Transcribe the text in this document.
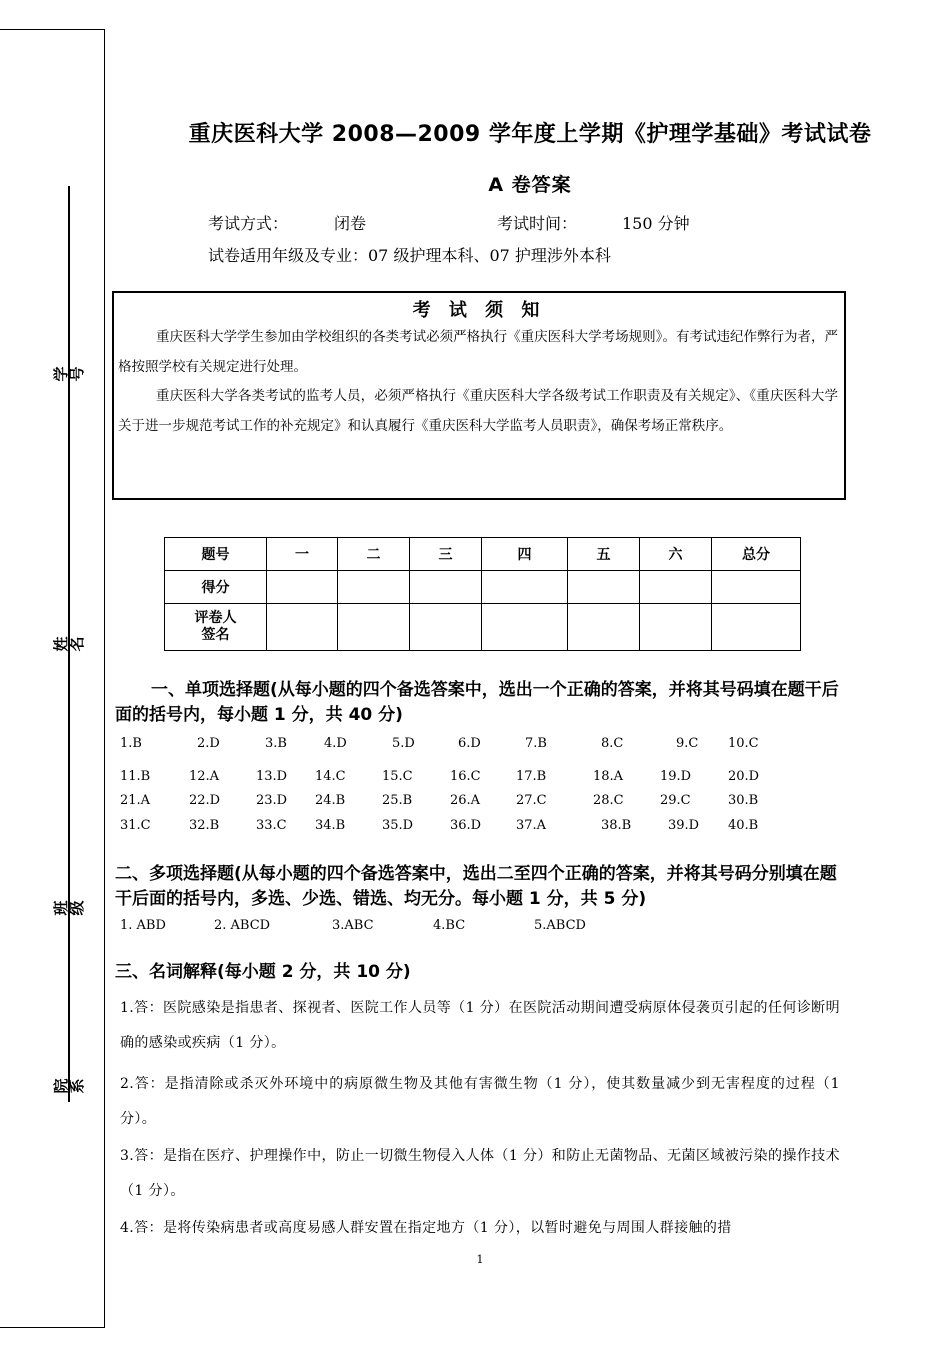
学号
姓名
班级
院系
重庆医科大学 2008—2009 学年度上学期《护理学基础》考试试卷
A 卷答案
考试方式：	闭卷	考试时间：	150 分钟
试卷适用年级及专业：07 级护理本科、07 护理涉外本科
考 试 须 知

重庆医科大学学生参加由学校组织的各类考试必须严格执行《重庆医科大学考场规则》。有考试违纪作弊行为者，严格按照学校有关规定进行处理。

重庆医科大学各类考试的监考人员，必须严格执行《重庆医科大学各级考试工作职责及有关规定》、《重庆医科大学关于进一步规范考试工作的补充规定》和认真履行《重庆医科大学监考人员职责》，确保考场正常秩序。

题号	一	二	三	四	五	六	总分
得分							
评卷人
签名							
一、单项选择题(从每小题的四个备选答案中，选出一个正确的答案，并将其号码填在题干后面的括号内，每小题 1 分，共 40 分)
1.B	2.D	3.B	4.D	5.D	6.D	7.B	8.C	9.C 10.C
11.B	12.A	13.D 14.C	15.C	16.C	17.B	18.A	19.D	20.D
21.A	22.D	23.D 24.B	25.B	26.A	27.C	28.C	29.C	30.B
31.C	32.B	33.C 34.B	35.D	36.D	37.A	38.B	39.D 40.B
二、多项选择题(从每小题的四个备选答案中，选出二至四个正确的答案，并将其号码分别填在题干后面的括号内，多选、少选、错选、均无分。每小题 1 分，共 5 分)
1. ABD	2. ABCD	3.ABC	4.BC	5.ABCD
三、名词解释(每小题 2 分，共 10 分)
1.答：医院感染是指患者、探视者、医院工作人员等（1 分）在医院活动期间遭受病原体侵袭页引起的任何诊断明确的感染或疾病（1 分）。
2.答：是指清除或杀灭外环境中的病原微生物及其他有害微生物（1 分），使其数量减少到无害程度的过程（1 分）。
3.答：是指在医疗、护理操作中，防止一切微生物侵入人体（1 分）和防止无菌物品、无菌区域被污染的操作技术（1 分）。
4.答：是将传染病患者或高度易感人群安置在指定地方（1 分），以暂时避免与周围人群接触的措
1
